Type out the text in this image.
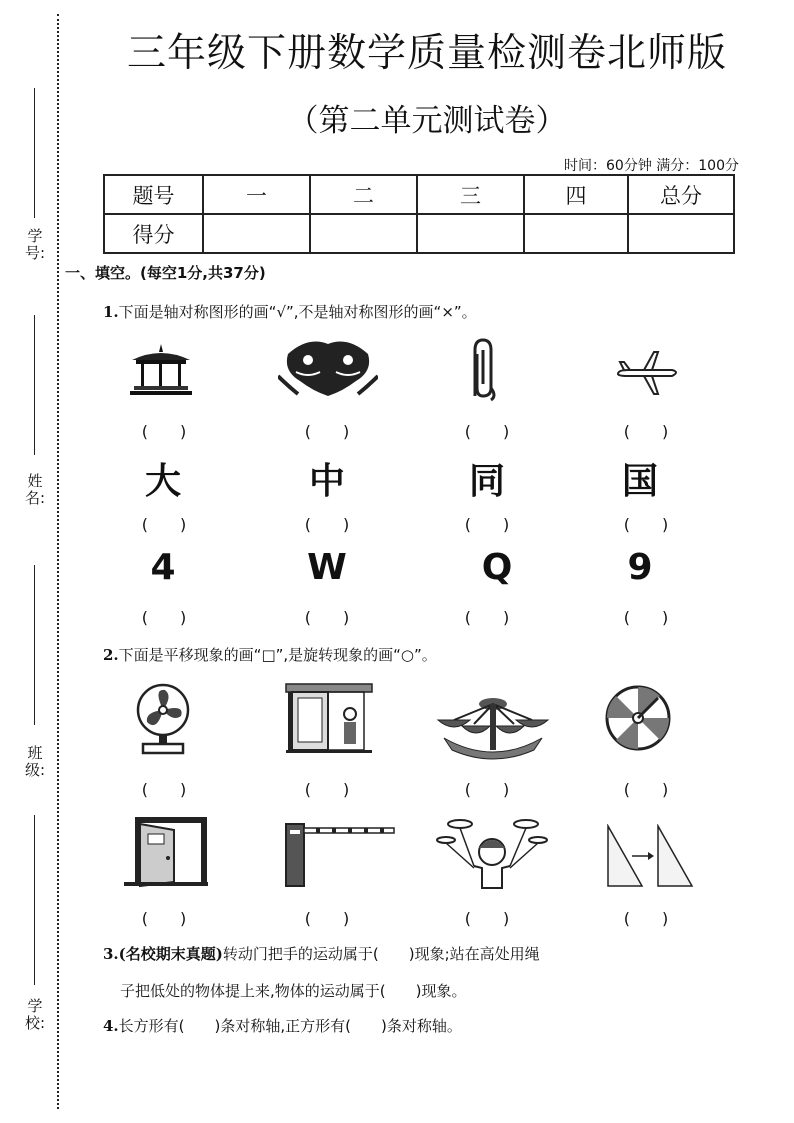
学号:
姓名:
班级:
学校:
三年级下册数学质量检测卷北师版
（第二单元测试卷）
时间：60分钟 满分：100分
题号	一	二	三	四	总分
得分					
一、填空。(每空1分,共37分)
1.下面是轴对称图形的画“√”,不是轴对称图形的画“×”。
(　　)	(　　)	(　　)	(　　)
大	中	同	国
(　　)	(　　)	(　　)	(　　)
4	W	Q	9
(　　)	(　　)	(　　)	(　　)
2.下面是平移现象的画“□”,是旋转现象的画“○”。
(　　)	(　　)	(　　)	(　　)
(　　)	(　　)	(　　)	(　　)
3.(名校期末真题)转动门把手的运动属于(　　)现象;站在高处用绳
子把低处的物体提上来,物体的运动属于(　　)现象。
4.长方形有(　　)条对称轴,正方形有(　　)条对称轴。
